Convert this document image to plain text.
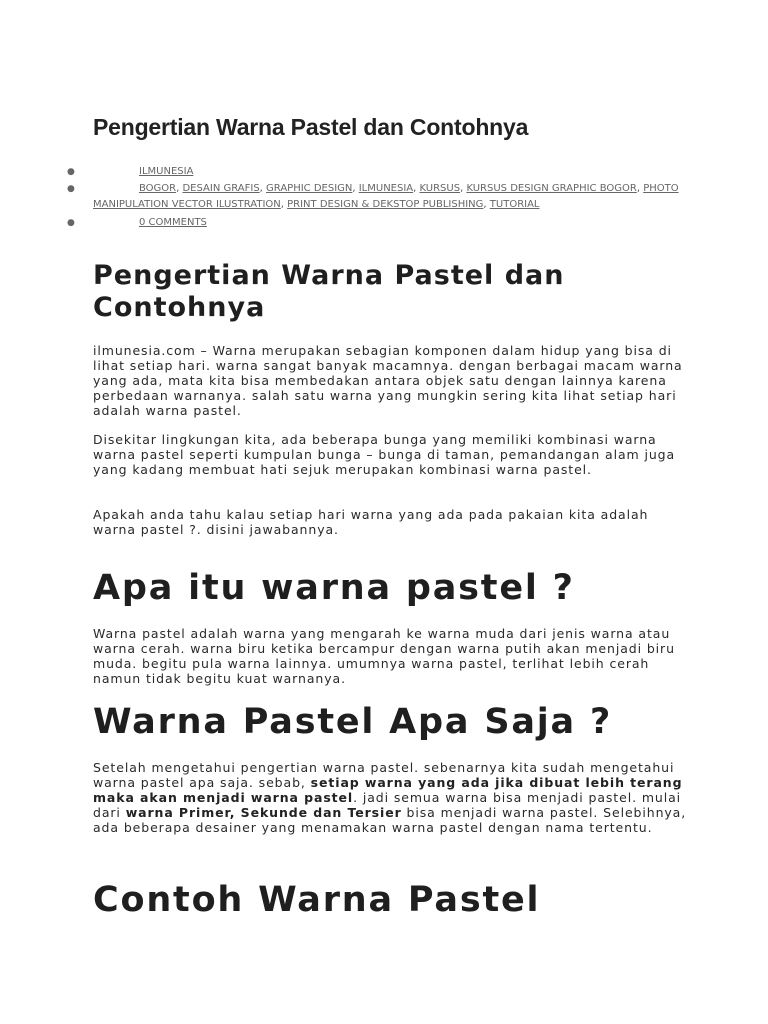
Pengertian Warna Pastel dan Contohnya
●	ILMUNESIA
●	BOGOR, DESAIN GRAFIS, GRAPHIC DESIGN, ILMUNESIA, KURSUS, KURSUS DESIGN GRAPHIC BOGOR, PHOTO MANIPULATION VECTOR ILUSTRATION, PRINT DESIGN & DEKSTOP PUBLISHING, TUTORIAL
●	0 COMMENTS
Pengertian Warna Pastel dan Contohnya

ilmunesia.com – Warna merupakan sebagian komponen dalam hidup yang bisa di lihat setiap hari. warna sangat banyak macamnya. dengan berbagai macam warna yang ada, mata kita bisa membedakan antara objek satu dengan lainnya karena perbedaan warnanya. salah satu warna yang mungkin sering kita lihat setiap hari adalah warna pastel.

Disekitar lingkungan kita, ada beberapa bunga yang memiliki kombinasi warna warna pastel seperti kumpulan bunga – bunga di taman, pemandangan alam juga yang kadang membuat hati sejuk merupakan kombinasi warna pastel.

Apakah anda tahu kalau setiap hari warna yang ada pada pakaian kita adalah warna pastel ?. disini jawabannya.

Apa itu warna pastel ?

Warna pastel adalah warna yang mengarah ke warna muda dari jenis warna atau warna cerah. warna biru ketika bercampur dengan warna putih akan menjadi biru muda. begitu pula warna lainnya. umumnya warna pastel, terlihat lebih cerah namun tidak begitu kuat warnanya.

Warna Pastel Apa Saja ?

Setelah mengetahui pengertian warna pastel. sebenarnya kita sudah mengetahui warna pastel apa saja. sebab, setiap warna yang ada jika dibuat lebih terang maka akan menjadi warna pastel. jadi semua warna bisa menjadi pastel. mulai dari warna Primer, Sekunde dan Tersier bisa menjadi warna pastel. Selebihnya, ada beberapa desainer yang menamakan warna pastel dengan nama tertentu.

Contoh Warna Pastel
